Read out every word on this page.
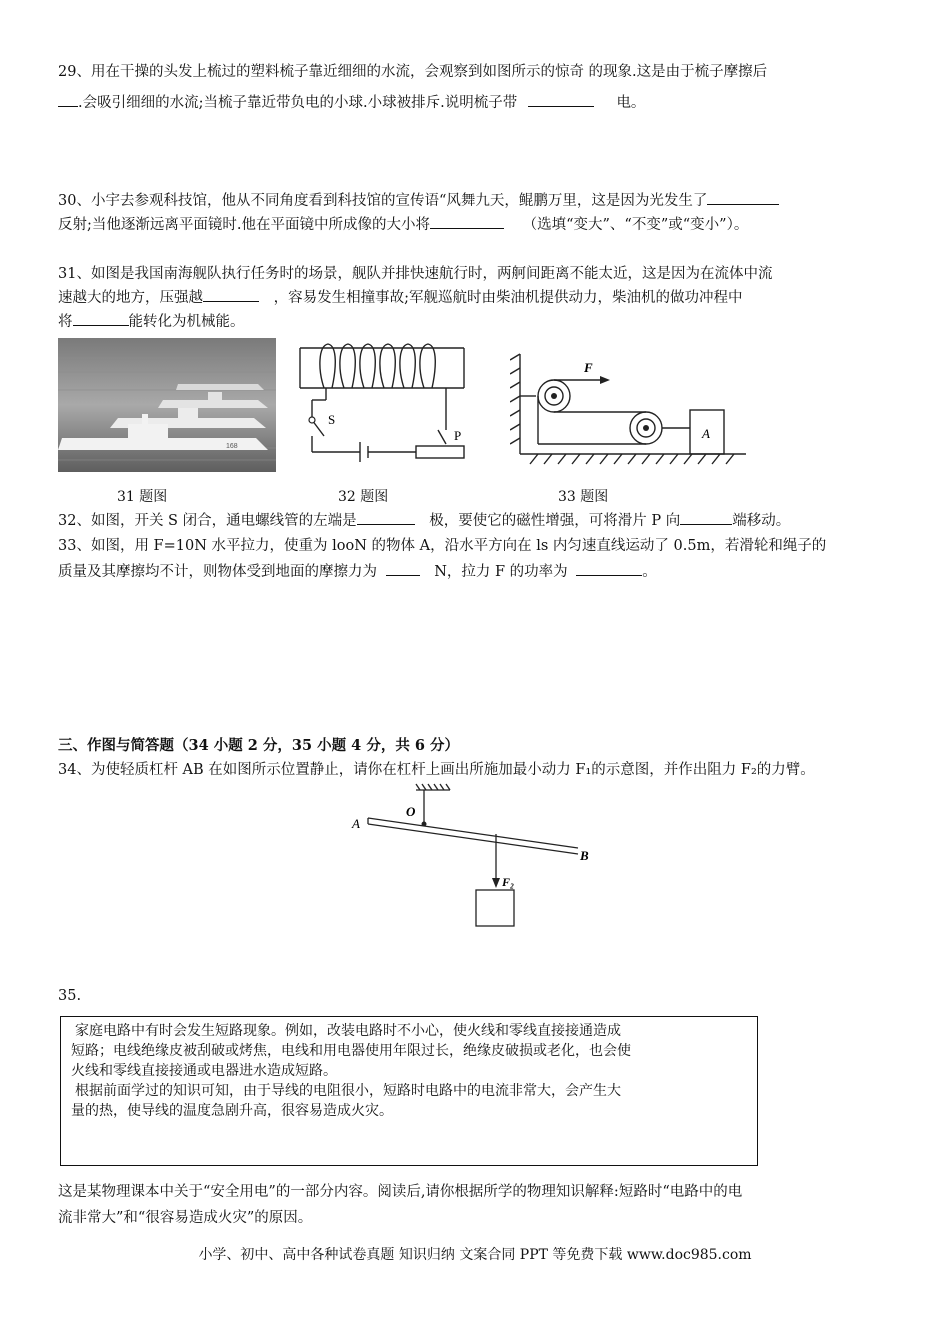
29、用在干操的头发上梳过的塑料梳子靠近细细的水流，会观察到如图所示的惊奇 的现象.这是由于梳子摩擦后
.会吸引细细的水流;当梳子靠近带负电的小球.小球被排斥.说明梳子带	电。
30、小宇去参观科技馆，他从不同角度看到科技馆的宣传语“风舞九天，鲲鹏万里，这是因为光发生了
反射;当他逐渐远离平面镜时.他在平面镜中所成像的大小将	（选填“变大”、“不变”或“变小”）。
31、如图是我国南海舰队执行任务时的场景，舰队并排快速航行时，两舸间距离不能太近，这是因为在流体中流
速越大的地方，压强越	，容易发生相撞事故;军舰巡航时由柴油机提供动力，柴油机的做功冲程中
将	能转化为机械能。
168
S
P
F
A
31 题图	32 题图	33 题图
32、如图，开关 S 闭合，通电螺线管的左端是	极，要使它的磁性增强，可将滑片 P 向	端移动。
33、如图，用 F=10N 水平拉力，使重为 looN 的物体 A，沿水平方向在 ls 内匀速直线运动了 0.5m，若滑轮和绳子的
质量及其摩擦均不计，则物体受到地面的摩擦力为	N，拉力 F 的功率为	。
三、作图与简答题（34 小题 2 分，35 小题 4 分，共 6 分）
34、为使轻质杠杆 AB 在如图所示位置静止，请你在杠杆上画出所施加最小动力 F₁的示意图，并作出阻力 F₂的力臂。
O
A
B
F₂
35.

家庭电路中有时会发生短路现象。例如，改装电路时不小心，使火线和零线直接接通造成

短路；电线绝缘皮被刮破或烤焦，电线和用电器使用年限过长，绝缘皮破损或老化，也会使

火线和零线直接接通或电器进水造成短路。

根据前面学过的知识可知，由于导线的电阻很小，短路时电路中的电流非常大，会产生大

量的热，使导线的温度急剧升高，很容易造成火灾。

这是某物理课本中关于“安全用电”的一部分内容。阅读后,请你根据所学的物理知识解释:短路时“电路中的电
流非常大”和“很容易造成火灾”的原因。
小学、初中、高中各种试卷真题 知识归纳 文案合同 PPT 等免费下载 www.doc985.com
